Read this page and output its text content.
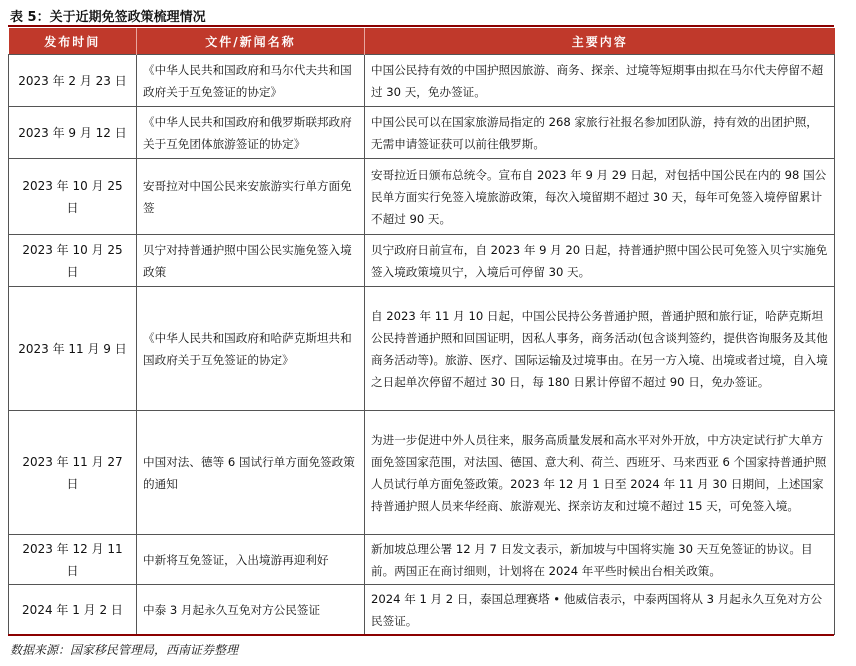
表 5：关于近期免签政策梳理情况
发布时间	文件/新闻名称	主要内容
2023 年 2 月 23 日	《中华人民共和国政府和马尔代夫共和国政府关于互免签证的协定》	中国公民持有效的中国护照因旅游、商务、探亲、过境等短期事由拟在马尔代夫停留不超过 30 天，免办签证。
2023 年 9 月 12 日	《中华人民共和国政府和俄罗斯联邦政府关于互免团体旅游签证的协定》	中国公民可以在国家旅游局指定的 268 家旅行社报名参加团队游，持有效的出团护照，无需申请签证获可以前往俄罗斯。
2023 年 10 月 25 日	安哥拉对中国公民来安旅游实行单方面免签	安哥拉近日颁布总统令。宣布自 2023 年 9 月 29 日起，对包括中国公民在内的 98 国公民单方面实行免签入境旅游政策，每次入境留期不超过 30 天，每年可免签入境停留累计不超过 90 天。
2023 年 10 月 25 日	贝宁对持普通护照中国公民实施免签入境政策	贝宁政府日前宣布，自 2023 年 9 月 20 日起，持普通护照中国公民可免签入贝宁实施免签入境政策境贝宁，入境后可停留 30 天。
2023 年 11 月 9 日	《中华人民共和国政府和哈萨克斯坦共和国政府关于互免签证的协定》	自 2023 年 11 月 10 日起，中国公民持公务普通护照，普通护照和旅行证，哈萨克斯坦公民持普通护照和回国证明，因私人事务，商务活动(包含谈判签约，提供咨询服务及其他商务活动等)。旅游、医疗、国际运输及过境事由。在另一方入境、出境或者过境，自入境之日起单次停留不超过 30 日，每 180 日累计停留不超过 90 日，免办签证。
2023 年 11 月 27 日	中国对法、德等 6 国试行单方面免签政策的通知	为进一步促进中外人员往来，服务高质量发展和高水平对外开放，中方决定试行扩大单方面免签国家范围，对法国、德国、意大利、荷兰、西班牙、马来西亚 6 个国家持普通护照人员试行单方面免签政策。2023 年 12 月 1 日至 2024 年 11 月 30 日期间，上述国家持普通护照人员来华经商、旅游观光、探亲访友和过境不超过 15 天，可免签入境。
2023 年 12 月 11 日	中新将互免签证，入出境游再迎利好	新加坡总理公署 12 月 7 日发文表示，新加坡与中国将实施 30 天互免签证的协议。目前。两国正在商讨细则，计划将在 2024 年平些时候出台相关政策。
2024 年 1 月 2 日	中泰 3 月起永久互免对方公民签证	2024 年 1 月 2 日，泰国总理赛塔 • 他威信表示，中泰两国将从 3 月起永久互免对方公民签证。
数据来源：国家移民管理局，西南证券整理
